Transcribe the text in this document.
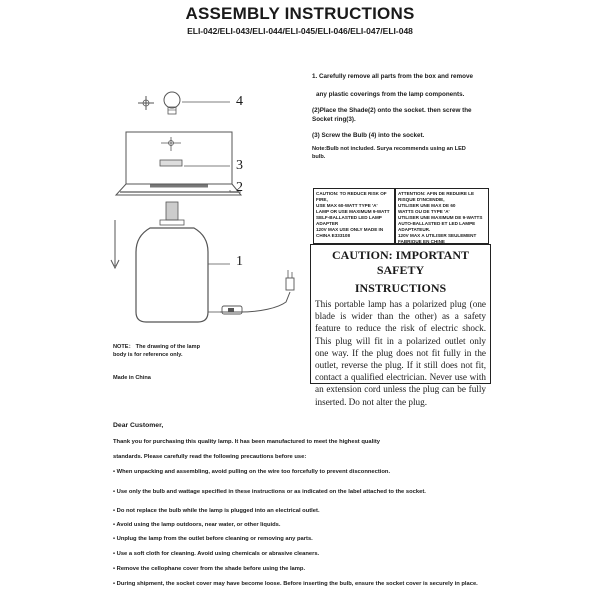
ASSEMBLY INSTRUCTIONS
ELI-042/ELI-043/ELI-044/ELI-045/ELI-046/ELI-047/ELI-048
4
3
2
1
NOTE： The drawing of the lamp
body is for reference only.
Made in China
1. Carefully remove all parts from the box and remove
any plastic coverings from the lamp components.
(2)Place the Shade(2) onto the socket. then screw the
Socket ring(3).
(3) Screw the Bulb (4) into the socket.
Note:Bulb not included. Surya recommends using an LED
bulb.
CAUTION: TO REDUCE RISK OF FIRE,
USE MAX 60-WATT TYPE 'A'
LAMP OR USE MAXIMUM 9-WATT
SELF-BALLASTED LED LAMP ADAPTER
120V MAX USE ONLY MADE IN CHINA E333108
ATTENTION: AFIN DE REDUIRE LE RISQUE D'INCENDIE,
UTILISER UNE MAX DE 60
WATTS OU DE TYPE 'A'
UTILISER UNE MAXIMUM DE 9-WATTS
AUTO-BALLASTED ET LED LAMPE ADAPTATEUR.
120V MAX A UTILISER SEULEMENT FABRIQUE EN CHINE
CAUTION: IMPORTANT SAFETY
INSTRUCTIONS
This portable lamp has a polarized plug (one blade is wider than the other) as a safety feature to reduce the risk of electric shock. This plug will fit in a polarized outlet only one way. If the plug does not fit fully in the outlet, reverse the plug. If it still does not fit, contact a qualified electrician. Never use with an extension cord unless the plug can be fully inserted. Do not alter the plug.
Dear Customer,
Thank you for purchasing this quality lamp. It has been manufactured to meet the highest quality
standards. Please carefully read the following precautions before use:
• When unpacking and assembling, avoid pulling on the wire too forcefully to prevent disconnection.
• Use only the bulb and wattage specified in these instructions or as indicated on the label attached to the socket.
• Do not replace the bulb while the lamp is plugged into an electrical outlet.
• Avoid using the lamp outdoors, near water, or other liquids.
• Unplug the lamp from the outlet before cleaning or removing any parts.
• Use a soft cloth for cleaning. Avoid using chemicals or abrasive cleaners.
• Remove the cellophane cover from the shade before using the lamp.
• During shipment, the socket cover may have become loose. Before inserting the bulb, ensure the socket cover is securely in place.
